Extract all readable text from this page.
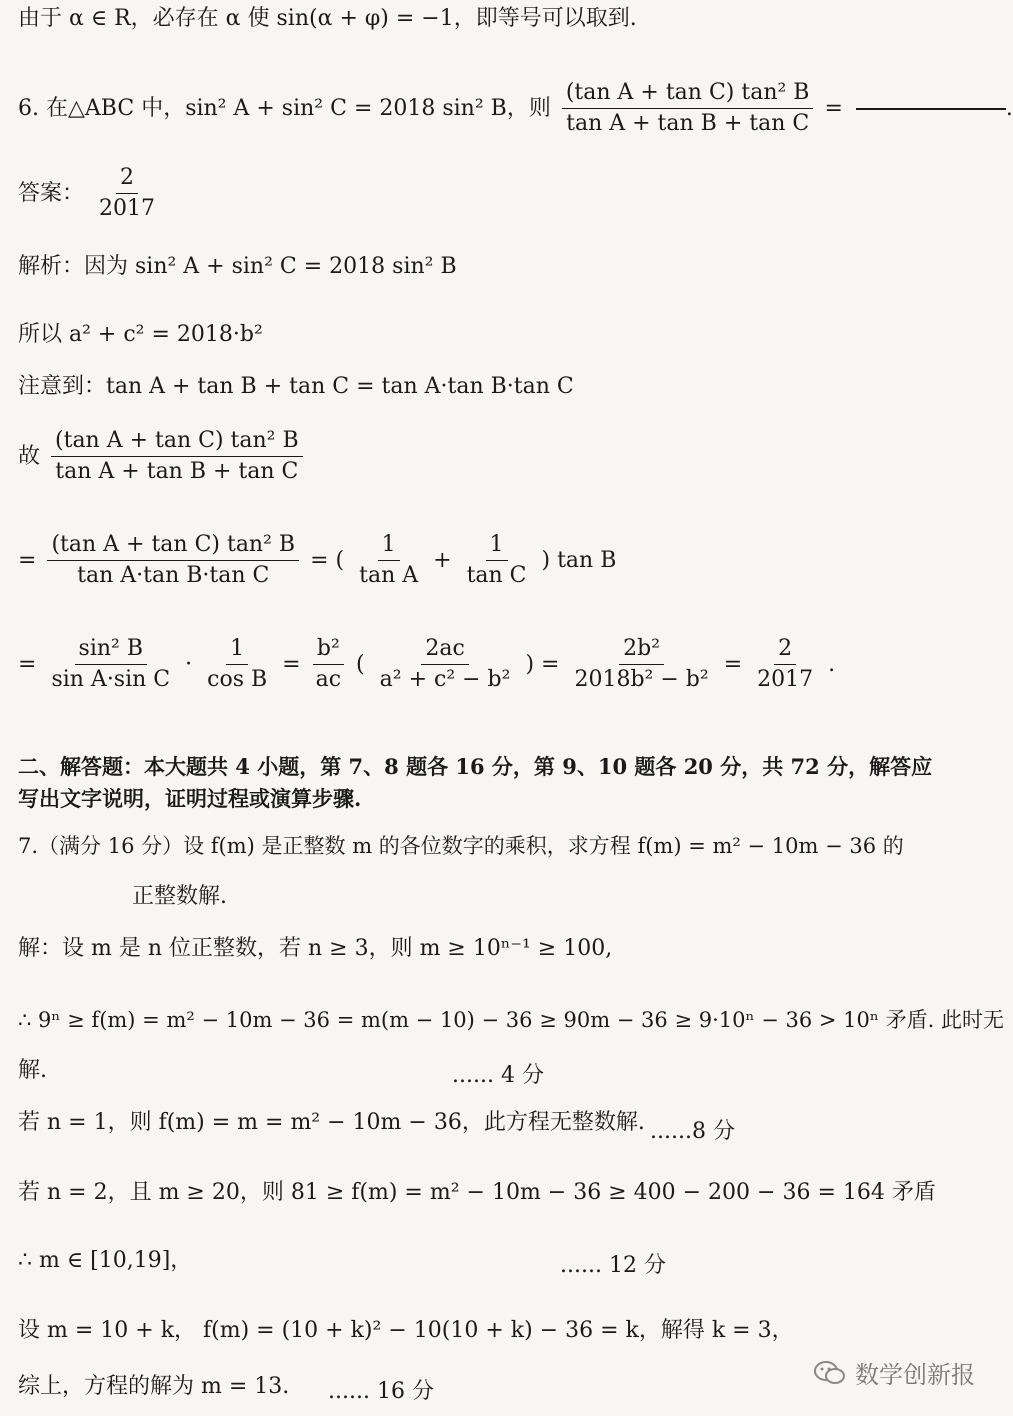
由于 α ∈ R，必存在 α 使 sin(α + φ) = −1，即等号可以取到.
6. 在△ABC 中，sin² A + sin² C = 2018 sin² B，则 $\frac{\text{(tan A + tan C) tan² B}}{\text{tan A + tan B + tan C}}$ =	.
答案： $\frac{2}{2017}$
解析：因为 sin² A + sin² C = 2018 sin² B
所以 a² + c² = 2018·b²
注意到：tan A + tan B + tan C = tan A·tan B·tan C
故 $\frac{\text{(tan A + tan C) tan² B}}{\text{tan A + tan B + tan C}}$
= $\frac{\text{(tan A + tan C) tan² B}}{\text{tan A·tan B·tan C}}$ = ( $\frac{1}{\text{tan A}} + \frac{1}{\text{tan C}}$ ) tan B
= $\frac{\text{sin² B}}{\text{sin A·sin C}} \cdot \frac{1}{\text{cos B}} = \frac{\text{b²}}{ac}$ ( $\frac{2ac}{\text{a² + c² − b²}}$ ) = $\frac{\text{2b²}}{\text{2018b² − b²}} = \frac{2}{2017}$ .
二、解答题：本大题共 4 小题，第 7、8 题各 16 分，第 9、10 题各 20 分，共 72 分，解答应
写出文字说明，证明过程或演算步骤.
7.（满分 16 分）设 f(m) 是正整数 m 的各位数字的乘积，求方程 f(m) = m² − 10m − 36 的
正整数解.
解：设 m 是 n 位正整数，若 n ≥ 3，则 m ≥ 10ⁿ⁻¹ ≥ 100,
∴ 9ⁿ ≥ f(m) = m² − 10m − 36 = m(m − 10) − 36 ≥ 90m − 36 ≥ 9·10ⁿ − 36 > 10ⁿ 矛盾. 此时无
解.	...... 4 分
若 n = 1，则 f(m) = m = m² − 10m − 36，此方程无整数解. ......8 分
若 n = 2，且 m ≥ 20，则 81 ≥ f(m) = m² − 10m − 36 ≥ 400 − 200 − 36 = 164 矛盾
∴ m ∈ [10,19]，	...... 12 分
设 m = 10 + k， f(m) = (10 + k)² − 10(10 + k) − 36 = k，解得 k = 3，
综上，方程的解为 m = 13. ...... 16 分
数学创新报
